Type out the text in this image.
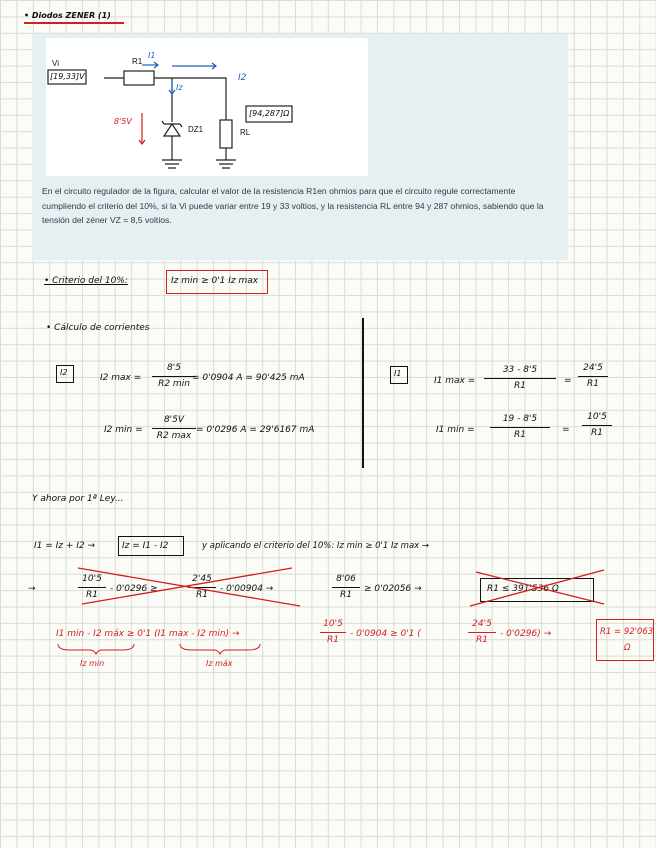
• Diodos ZENER (1)
Vi
[19,33]V
R1
I1
Iz
I2
8'5V
DZ1	RL
[94,287]Ω
En el circuito regulador de la figura, calcular el valor de la resistencia R1en ohmios para que el circuito regule correctamente cumpliendo el criterio del 10%, si la Vi puede variar entre 19 y 33 voltios, y la resistencia RL entre 94 y 287 ohmios, sabiendo que la tensión del zéner VZ = 8,5 voltios.
• Criterio del 10%:	Iz min ≥ 0'1 Iz max
• Cálculo de corrientes
I2
I2 max =
8'5
R2 min
= 0'0904 A = 90'425 mA
I2 min =
8'5V
R2 max
= 0'0296 A = 29'6167 mA
I1
I1 max =
33 - 8'5
R1	=
24'5
R1
I1 min =
19 - 8'5
R1	=
10'5
R1
Y ahora por 1ª Ley...
I1 = Iz + I2 →	Iz = I1 - I2	y aplicando el criterio del 10%: Iz min ≥ 0'1 Iz max →
→
10'5
R1
- 0'0296 ≥
2'45
R1
- 0'00904 →
8'06
R1
≥ 0'02056 →	R1 ≤ 391'536 Ω
I1 min - I2 máx ≥ 0'1 (I1 max - I2 min) →
Iz min	Iz máx
10'5
R1
- 0'0904 ≥ 0'1 (
24'5
R1
- 0'0296) →	R1 = 92'063
Ω
